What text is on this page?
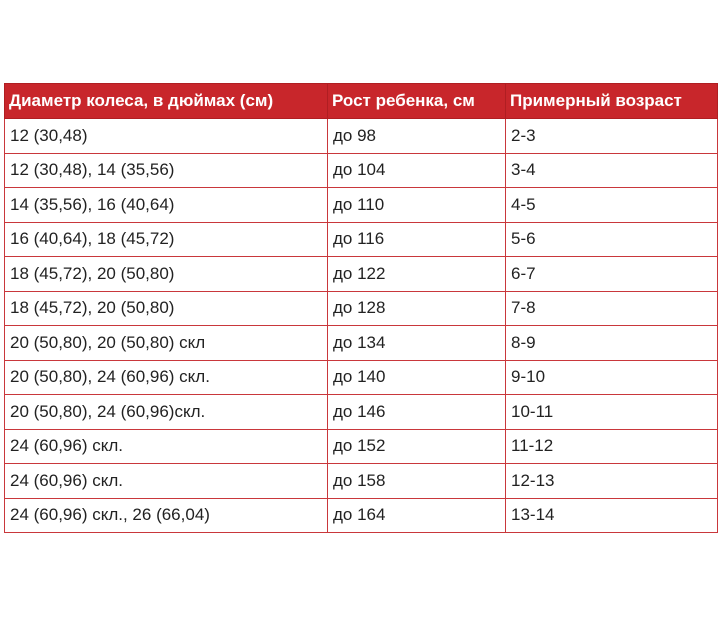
Диаметр колеса, в дюймах (см)	Рост ребенка, см	Примерный возраст
12 (30,48)	до 98	2-3
12 (30,48), 14 (35,56)	до 104	3-4
14 (35,56), 16 (40,64)	до 110	4-5
16 (40,64), 18 (45,72)	до 116	5-6
18 (45,72), 20 (50,80)	до 122	6-7
18 (45,72), 20 (50,80)	до 128	7-8
20 (50,80), 20 (50,80) скл	до 134	8-9
20 (50,80), 24 (60,96) скл.	до 140	9-10
20 (50,80), 24 (60,96)скл.	до 146	10-11
24 (60,96) скл.	до 152	11-12
24 (60,96) скл.	до 158	12-13
24 (60,96) скл., 26 (66,04)	до 164	13-14
